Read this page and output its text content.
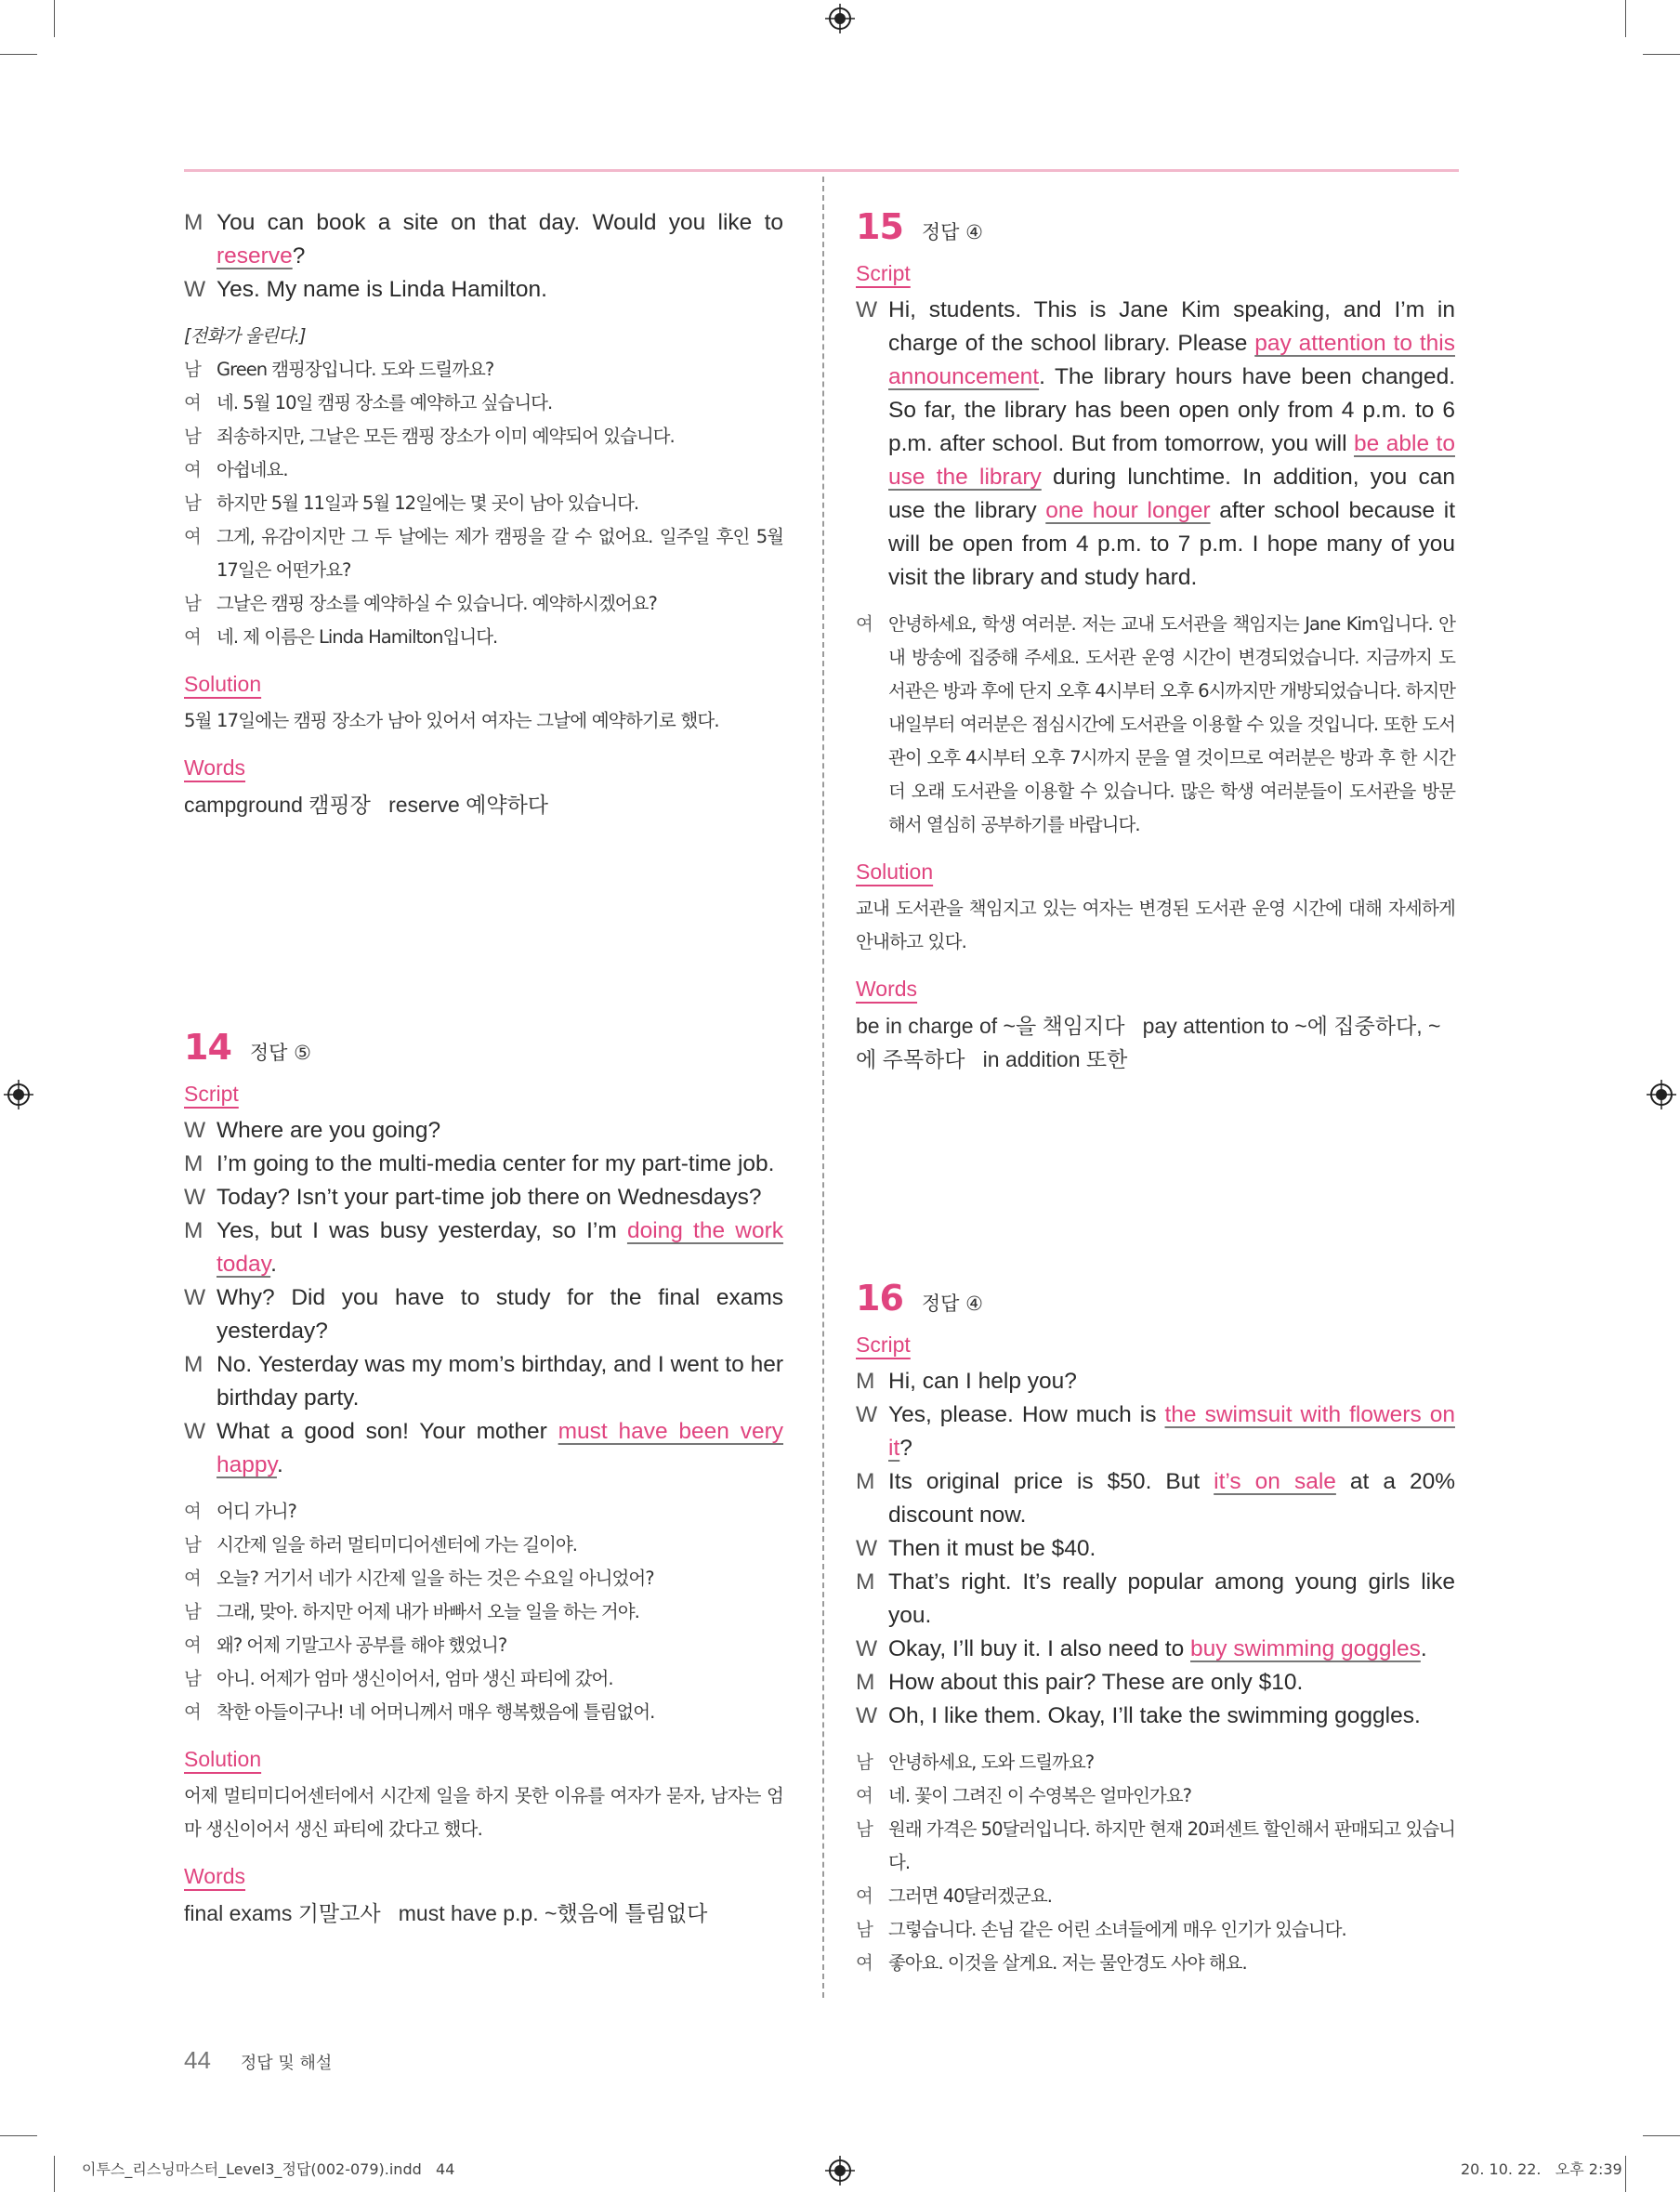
M You can book a site on that day. Would you like to reserve?
W Yes. My name is Linda Hamilton.
[전화가 울린다.]
남 Green 캠핑장입니다. 도와 드릴까요?
여 네. 5월 10일 캠핑 장소를 예약하고 싶습니다.
남 죄송하지만, 그날은 모든 캠핑 장소가 이미 예약되어 있습니다.
여 아쉽네요.
남 하지만 5월 11일과 5월 12일에는 몇 곳이 남아 있습니다.
여 그게, 유감이지만 그 두 날에는 제가 캠핑을 갈 수 없어요. 일주일 후인 5월 17일은 어떤가요?
남 그날은 캠핑 장소를 예약하실 수 있습니다. 예약하시겠어요?
여 네. 제 이름은 Linda Hamilton입니다.
Solution
5월 17일에는 캠핑 장소가 남아 있어서 여자는 그날에 예약하기로 했다.
Words
campground 캠핑장   reserve 예약하다
14 정답 ⑤
Script
W Where are you going?
M I’m going to the multi-media center for my part-time job.
W Today? Isn’t your part-time job there on Wednesdays?
M Yes, but I was busy yesterday, so I’m doing the work today.
W Why? Did you have to study for the final exams yesterday?
M No. Yesterday was my mom’s birthday, and I went to her birthday party.
W What a good son! Your mother must have been very happy.
여 어디 가니?
남 시간제 일을 하러 멀티미디어센터에 가는 길이야.
여 오늘? 거기서 네가 시간제 일을 하는 것은 수요일 아니었어?
남 그래, 맞아. 하지만 어제 내가 바빠서 오늘 일을 하는 거야.
여 왜? 어제 기말고사 공부를 해야 했었니?
남 아니. 어제가 엄마 생신이어서, 엄마 생신 파티에 갔어.
여 착한 아들이구나! 네 어머니께서 매우 행복했음에 틀림없어.
Solution
어제 멀티미디어센터에서 시간제 일을 하지 못한 이유를 여자가 묻자, 남자는 엄마 생신이어서 생신 파티에 갔다고 했다.
Words
final exams 기말고사   must have p.p. ~했음에 틀림없다
15 정답 ④
Script
W Hi, students. This is Jane Kim speaking, and I’m in charge of the school library. Please pay attention to this announcement. The library hours have been changed. So far, the library has been open only from 4 p.m. to 6 p.m. after school. But from tomorrow, you will be able to use the library during lunchtime. In addition, you can use the library one hour longer after school because it will be open from 4 p.m. to 7 p.m. I hope many of you visit the library and study hard.
여 안녕하세요, 학생 여러분. 저는 교내 도서관을 책임지는 Jane Kim입니다. 안내 방송에 집중해 주세요. 도서관 운영 시간이 변경되었습니다. 지금까지 도서관은 방과 후에 단지 오후 4시부터 오후 6시까지만 개방되었습니다. 하지만 내일부터 여러분은 점심시간에 도서관을 이용할 수 있을 것입니다. 또한 도서관이 오후 4시부터 오후 7시까지 문을 열 것이므로 여러분은 방과 후 한 시간 더 오래 도서관을 이용할 수 있습니다. 많은 학생 여러분들이 도서관을 방문해서 열심히 공부하기를 바랍니다.
Solution
교내 도서관을 책임지고 있는 여자는 변경된 도서관 운영 시간에 대해 자세하게 안내하고 있다.
Words
be in charge of ~을 책임지다   pay attention to ~에 집중하다, ~에 주목하다   in addition 또한
16 정답 ④
Script
M Hi, can I help you?
W Yes, please. How much is the swimsuit with flowers on it?
M Its original price is $50. But it’s on sale at a 20% discount now.
W Then it must be $40.
M That’s right. It’s really popular among young girls like you.
W Okay, I’ll buy it. I also need to buy swimming goggles.
M How about this pair? These are only $10.
W Oh, I like them. Okay, I’ll take the swimming goggles.
남 안녕하세요, 도와 드릴까요?
여 네. 꽃이 그려진 이 수영복은 얼마인가요?
남 원래 가격은 50달러입니다. 하지만 현재 20퍼센트 할인해서 판매되고 있습니다.
여 그러면 40달러겠군요.
남 그렇습니다. 손님 같은 어린 소녀들에게 매우 인기가 있습니다.
여 좋아요. 이것을 살게요. 저는 물안경도 사야 해요.
44 정답 및 해설
이투스_리스닝마스터_Level3_정답(002-079).indd   44	20. 10. 22.   오후 2:39
